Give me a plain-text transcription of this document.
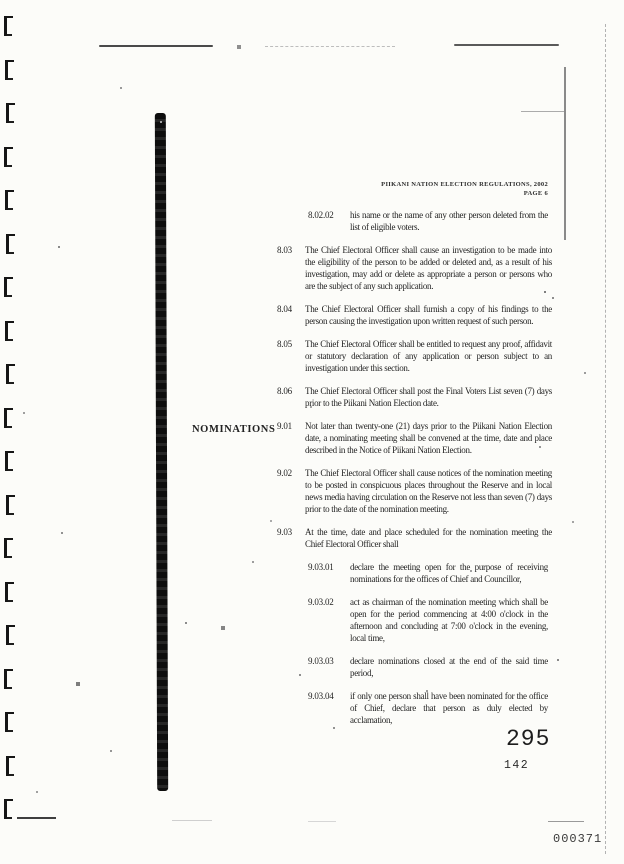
PIIKANI NATION ELECTION REGULATIONS, 2002
PAGE 6
NOMINATIONS
8.02.02	his name or the name of any other person deleted from the list of eligible voters.

8.03	The Chief Electoral Officer shall cause an investigation to be made into the eligibility of the person to be added or deleted and, as a result of his investigation, may add or delete as appropriate a person or persons who are the subject of any such application.

8.04	The Chief Electoral Officer shall furnish a copy of his findings to the person causing the investigation upon written request of such person.

8.05	The Chief Electoral Officer shall be entitled to request any proof, affidavit or statutory declaration of any application or person subject to an investigation under this section.

8.06	The Chief Electoral Officer shall post the Final Voters List seven (7) days prior to the Piikani Nation Election date.

9.01	Not later than twenty-one (21) days prior to the Piikani Nation Election date, a nominating meeting shall be convened at the time, date and place described in the Notice of Piikani Nation Election.

9.02	The Chief Electoral Officer shall cause notices of the nomination meeting to be posted in conspicuous places throughout the Reserve and in local news media having circulation on the Reserve not less than seven (7) days prior to the date of the nomination meeting.

9.03	At the time, date and place scheduled for the nomination meeting the Chief Electoral Officer shall

9.03.01	declare the meeting open for the purpose of receiving nominations for the offices of Chief and Councillor,

9.03.02	act as chairman of the nomination meeting which shall be open for the period commencing at 4:00 o'clock in the afternoon and concluding at 7:00 o'clock in the evening, local time,

9.03.03	declare nominations closed at the end of the said time period,

9.03.04	if only one person shall have been nominated for the office of Chief, declare that person as duly elected by acclamation,

295
142
000371
